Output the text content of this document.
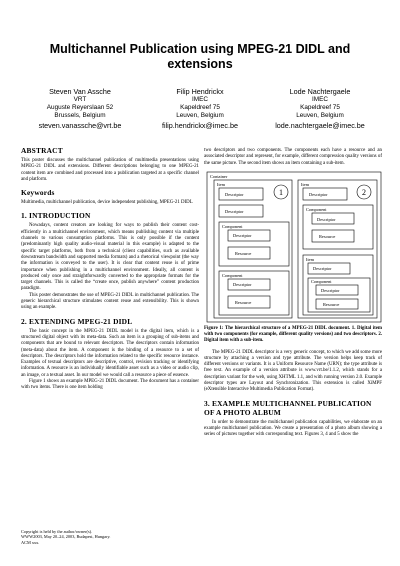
Multichannel Publication using MPEG-21 DIDL and extensions
Steven Van Assche
VRT
Auguste Reyerslaan 52
Brussels, Belgium
steven.vanassche@vrt.be
Filip Hendrickx
IMEC
Kapeldreef 75
Leuven, Belgium
filip.hendrickx@imec.be
Lode Nachtergaele
IMEC
Kapeldreef 75
Leuven, Belgium
lode.nachtergaele@imec.be
ABSTRACT

This poster discusses the multichannel publication of multimedia presentations using MPEG-21 DIDL and extensions. Different descriptions belonging to one MPEG-21 content item are combined and processed into a publication targeted at a specific channel and platform.

Keywords

Multimedia, multichannel publication, device independent publishing, MPEG-21 DIDL

1. INTRODUCTION

Nowadays, content creators are looking for ways to publish their content cost-efficiently in a multichannel environment, which means publishing content via multiple channels to various consumption platforms. This is only possible if the content (predominantly high quality audio-visual material in this example) is adapted to the specific target platforms, both from a technical (client capabilities, such as available downstream bandwidth and supported media formats) and a rhetorical viewpoint (the way the information is conveyed to the user). It is clear that content reuse is of prime importance when publishing in a multichannel environment. Ideally, all content is produced only once and straightforwardly converted to the appropriate formats for the target channels. This is called the “create once, publish anywhere” content production paradigm.

This poster demonstrates the use of MPEG-21 DIDL in multichannel publication. The generic hierarchical structure stimulates content reuse and extensibility. This is shown using an example.

2. EXTENDING MPEG-21 DIDL

The basic concept in the MPEG-21 DIDL model is the digital item, which is a structured digital object with its meta-data. Such an item is a grouping of sub-items and components that are bound to relevant descriptors. The descriptors contain information (meta-data) about the item. A component is the binding of a resource to a set of descriptors. The descriptors hold the information related to the specific resource instance. Examples of textual descriptors are descriptive, control, revision tracking or identifying information. A resource is an individually identifiable asset such as a video or audio clip, an image, or a textual asset. In our model we would call a resource a piece of essence.

Figure 1 shows an example MPEG-21 DIDL document. The document has a container with two items. There is one item holding

Copyright is held by the author/owner(s).
WWW2003, May 20–24, 2003, Budapest, Hungary.
ACM xxx.

two descriptors and two components. The components each have a resource and an associated descriptor and represent, for example, different compression quality versions of the same picture. The second item shows an item containing a sub-item.

Container
Item
Descriptor
Descriptor
Component
Descriptor
Resource
Component
Descriptor
Resource
Item
Descriptor
Component
Descriptor
Resource
Item
Descriptor
Component
Descriptor
Resource
1	2

Figure 1: The hierarchical structure of a MPEG-21 DIDL document. 1. Digital item with two components (for example, different quality versions) and two descriptors. 2. Digital item with a sub-item.

The MPEG-21 DIDL descriptor is a very generic concept, to which we add some more structure by attaching a version and type attribute. The version helps keep track of different versions or variants. It is a Uniform Resource Name (URN); the type attribute is free text. An example of a version attribute is www.vrt.be/1.1.2, which stands for a description variant for the web, using XHTML 1.1, and with running version 2.0. Example descriptor types are Layout and Synchronization. This extension is called XiMPF (eXtensible Interactive Multimedia Publication Format).

3. EXAMPLE MULTICHANNEL PUBLICATION OF A PHOTO ALBUM

In order to demonstrate the multichannel publication capabilities, we elaborate on an example multichannel publication. We create a presentation of a photo album showing a series of pictures together with corresponding text. Figures 3, 4 and 5 show the
